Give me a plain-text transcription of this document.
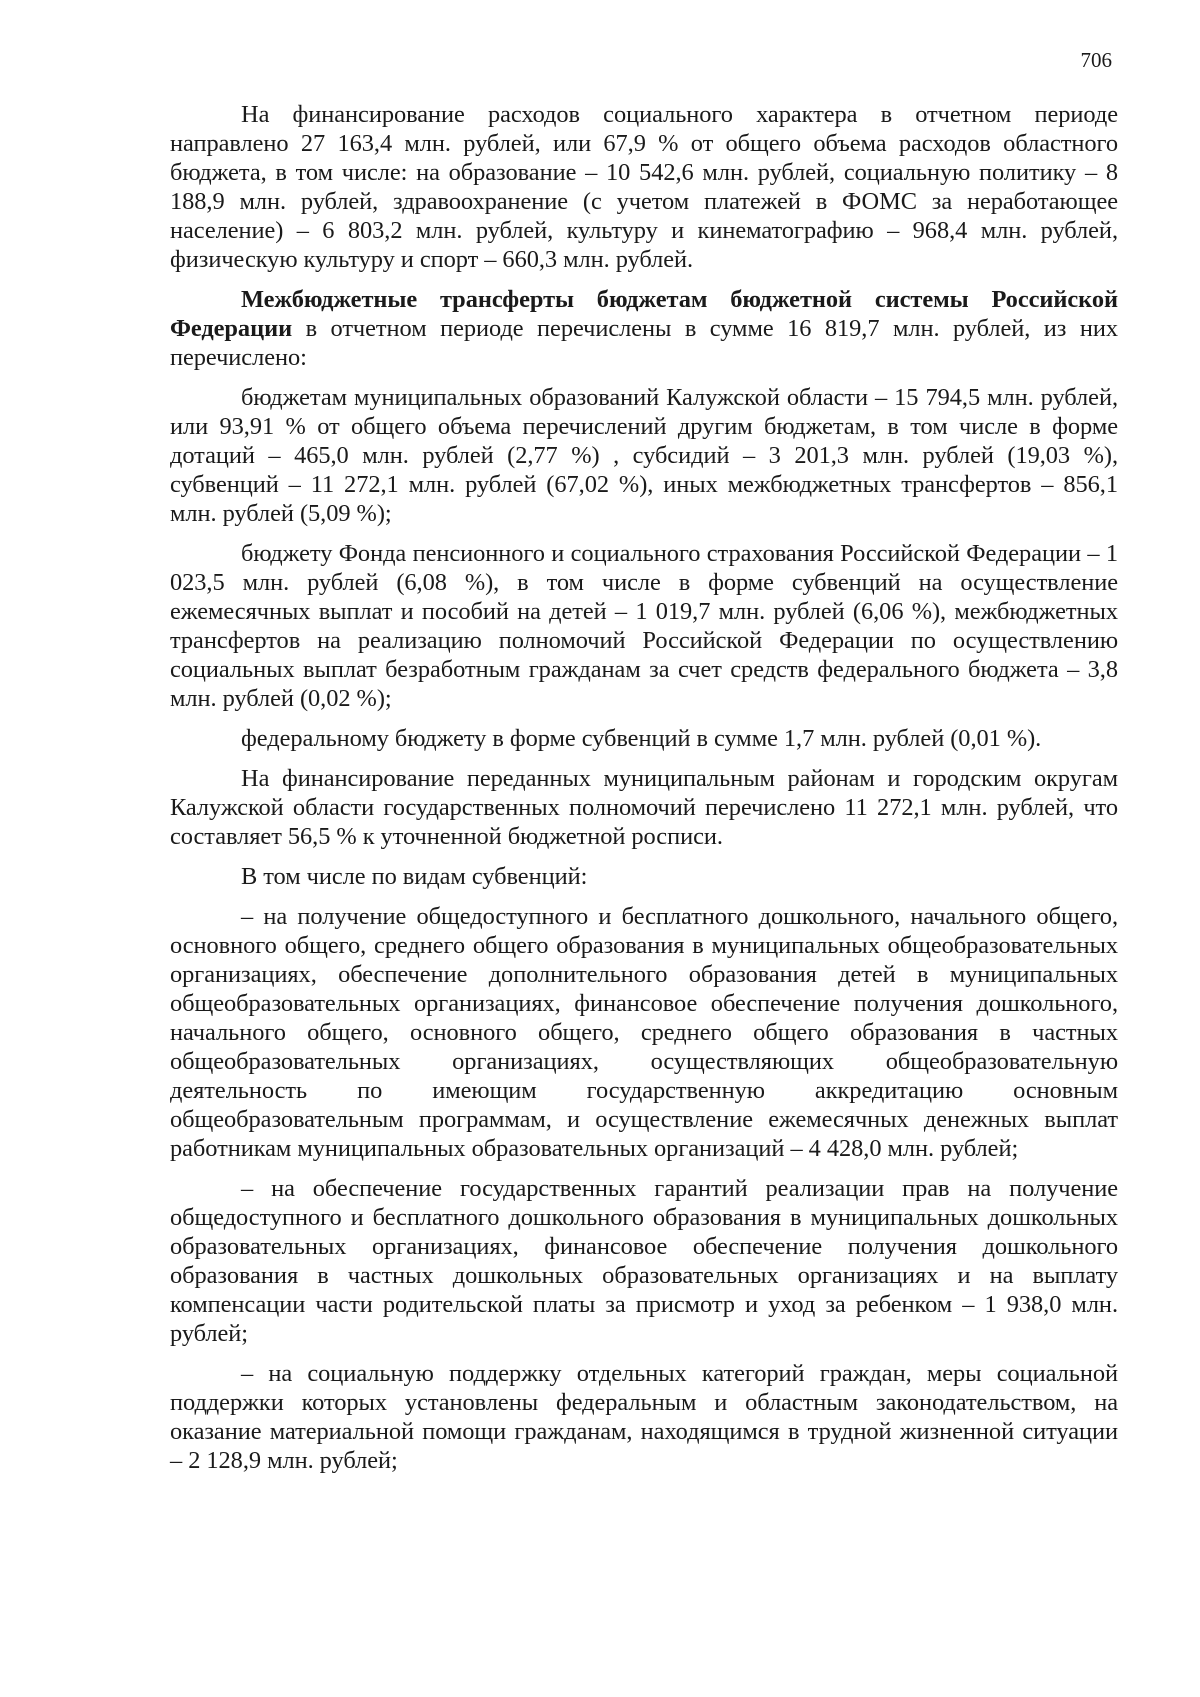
706

На финансирование расходов социального характера в отчетном периоде направлено 27 163,4 млн. рублей, или 67,9 % от общего объема расходов областного бюджета, в том числе: на образование – 10 542,6 млн. рублей, социальную политику – 8 188,9 млн. рублей, здравоохранение (с учетом платежей в ФОМС за неработающее население) – 6 803,2 млн. рублей, культуру и кинематографию – 968,4 млн. рублей, физическую культуру и спорт – 660,3 млн. рублей.

Межбюджетные трансферты бюджетам бюджетной системы Российской Федерации в отчетном периоде перечислены в сумме 16 819,7 млн. рублей, из них перечислено:

бюджетам муниципальных образований Калужской области – 15 794,5 млн. рублей, или 93,91 % от общего объема перечислений другим бюджетам, в том числе в форме дотаций – 465,0 млн. рублей (2,77 %) , субсидий – 3 201,3 млн. рублей (19,03 %), субвенций – 11 272,1 млн. рублей (67,02 %), иных межбюджетных трансфертов – 856,1 млн. рублей (5,09 %);

бюджету Фонда пенсионного и социального страхования Российской Федерации – 1 023,5 млн. рублей (6,08 %), в том числе в форме субвенций на осуществление ежемесячных выплат и пособий на детей – 1 019,7 млн. рублей (6,06 %), межбюджетных трансфертов на реализацию полномочий Российской Федерации по осуществлению социальных выплат безработным гражданам за счет средств федерального бюджета – 3,8 млн. рублей (0,02 %);

федеральному бюджету в форме субвенций в сумме 1,7 млн. рублей (0,01 %).

На финансирование переданных муниципальным районам и городским округам Калужской области государственных полномочий перечислено 11 272,1 млн. рублей, что составляет 56,5 % к уточненной бюджетной росписи.

В том числе по видам субвенций:

– на получение общедоступного и бесплатного дошкольного, начального общего, основного общего, среднего общего образования в муниципальных общеобразовательных организациях, обеспечение дополнительного образования детей в муниципальных общеобразовательных организациях, финансовое обеспечение получения дошкольного, начального общего, основного общего, среднего общего образования в частных общеобразовательных организациях, осуществляющих общеобразовательную деятельность по имеющим государственную аккредитацию основным общеобразовательным программам, и осуществление ежемесячных денежных выплат работникам муниципальных образовательных организаций – 4 428,0 млн. рублей;

– на обеспечение государственных гарантий реализации прав на получение общедоступного и бесплатного дошкольного образования в муниципальных дошкольных образовательных организациях, финансовое обеспечение получения дошкольного образования в частных дошкольных образовательных организациях и на выплату компенсации части родительской платы за присмотр и уход за ребенком – 1 938,0 млн. рублей;

– на социальную поддержку отдельных категорий граждан, меры социальной поддержки которых установлены федеральным и областным законодательством, на оказание материальной помощи гражданам, находящимся в трудной жизненной ситуации – 2 128,9 млн. рублей;
